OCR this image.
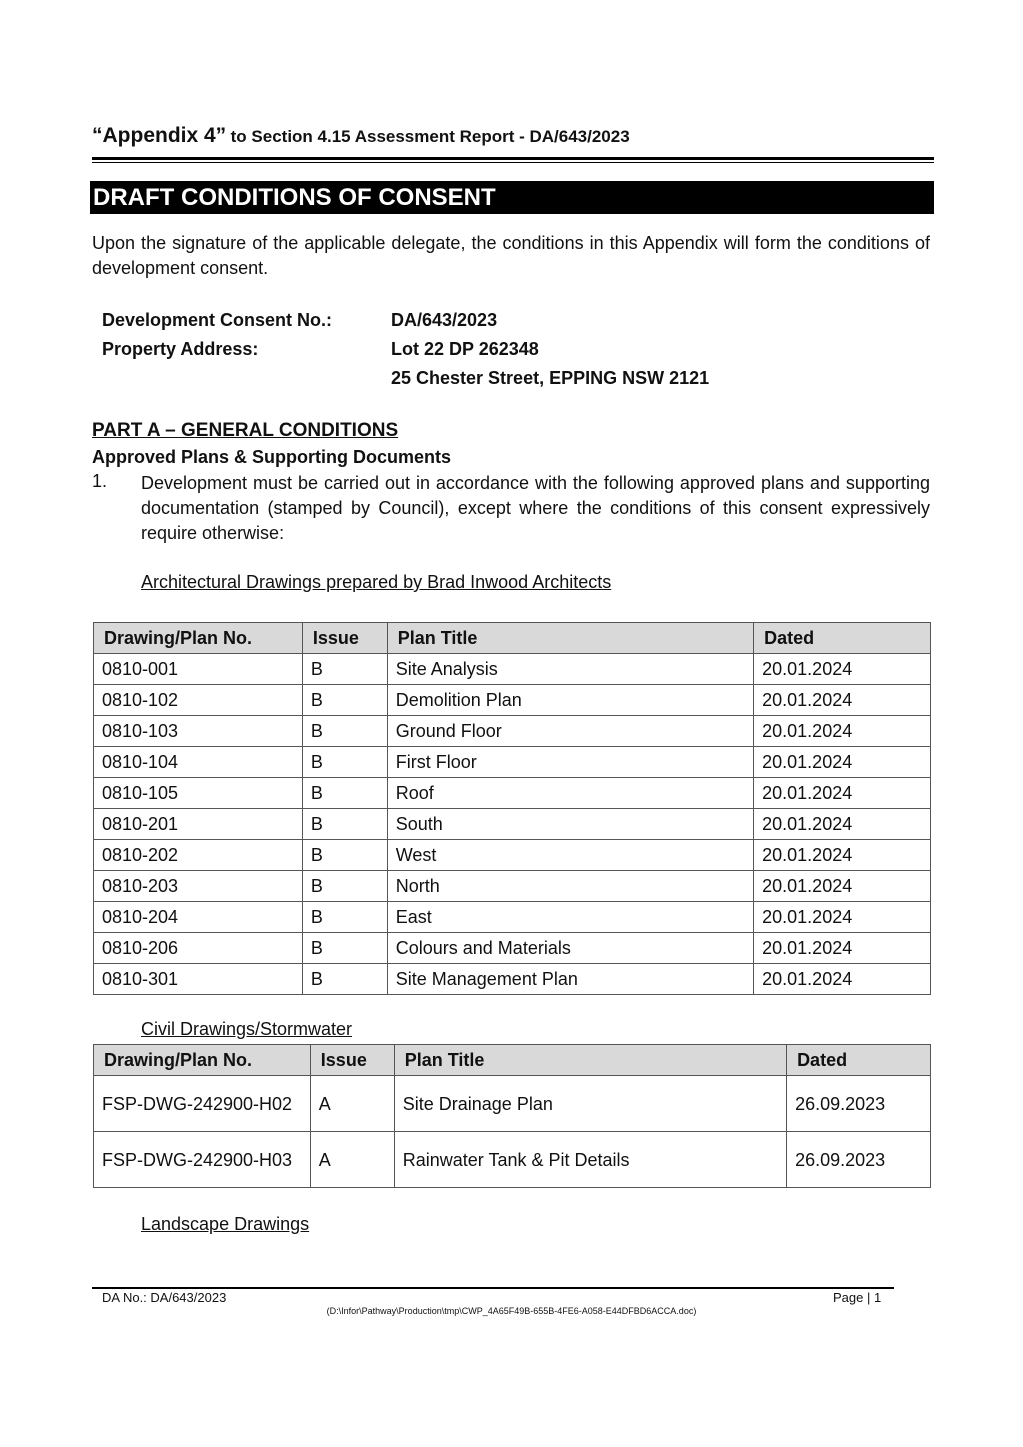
“Appendix 4” to Section 4.15 Assessment Report - DA/643/2023
DRAFT CONDITIONS OF CONSENT
Upon the signature of the applicable delegate, the conditions in this Appendix will form the conditions of development consent.
Development Consent No.:	DA/643/2023
Property Address:	Lot 22 DP 262348
25 Chester Street, EPPING NSW 2121
PART A – GENERAL CONDITIONS
Approved Plans & Supporting Documents
1. Development must be carried out in accordance with the following approved plans and supporting documentation (stamped by Council), except where the conditions of this consent expressively require otherwise:
Architectural Drawings prepared by Brad Inwood Architects
Drawing/Plan No.	Issue	Plan Title	Dated
0810-001	B	Site Analysis	20.01.2024
0810-102	B	Demolition Plan	20.01.2024
0810-103	B	Ground Floor	20.01.2024
0810-104	B	First Floor	20.01.2024
0810-105	B	Roof	20.01.2024
0810-201	B	South	20.01.2024
0810-202	B	West	20.01.2024
0810-203	B	North	20.01.2024
0810-204	B	East	20.01.2024
0810-206	B	Colours and Materials	20.01.2024
0810-301	B	Site Management Plan	20.01.2024
Civil Drawings/Stormwater
Drawing/Plan No.	Issue	Plan Title	Dated
FSP-DWG-242900-H02	A	Site Drainage Plan	26.09.2023
FSP-DWG-242900-H03	A	Rainwater Tank & Pit Details	26.09.2023
Landscape Drawings
DA No.: DA/643/2023	Page | 1
(D:\Infor\Pathway\Production\tmp\CWP_4A65F49B-655B-4FE6-A058-E44DFBD6ACCA.doc)
